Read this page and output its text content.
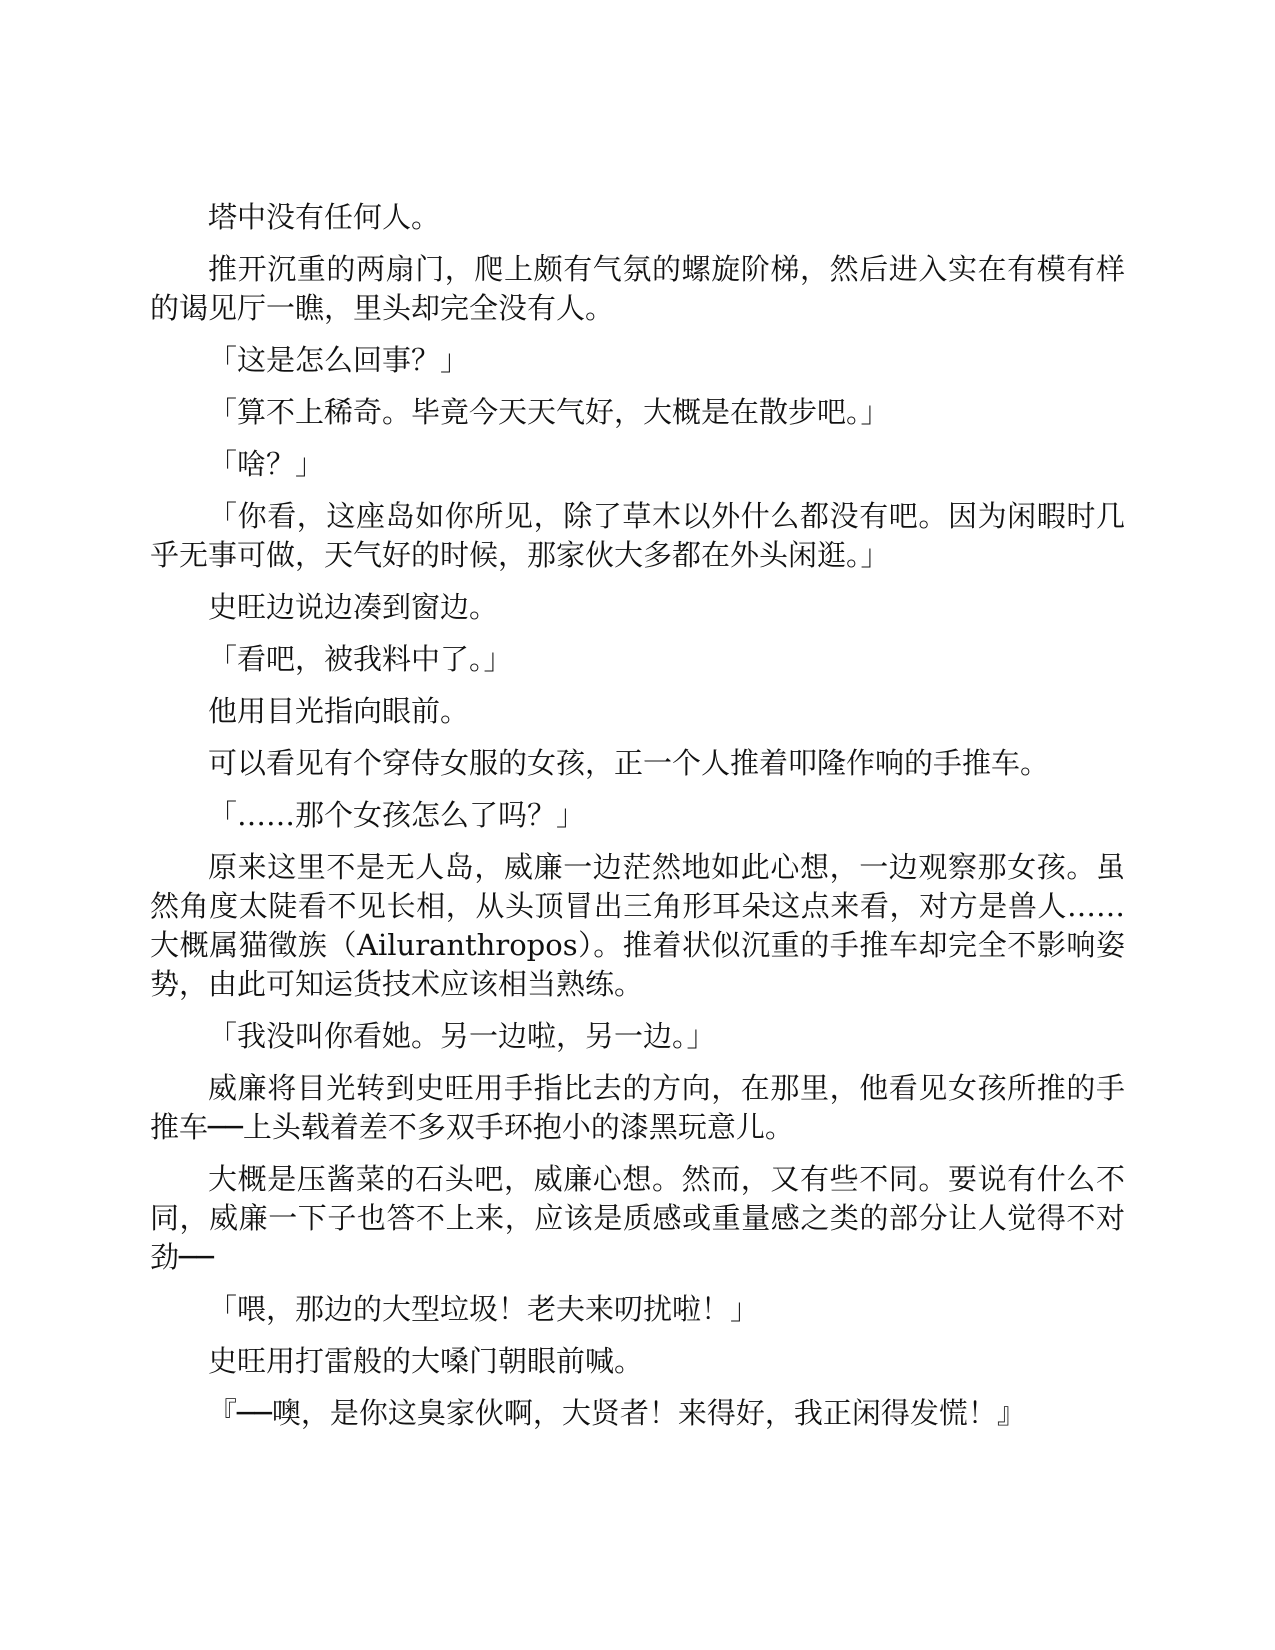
塔中没有任何人。

推开沉重的两扇门，爬上颇有气氛的螺旋阶梯，然后进入实在有模有样的谒见厅一瞧，里头却完全没有人。

「这是怎么回事？」

「算不上稀奇。毕竟今天天气好，大概是在散步吧。」

「啥？」

「你看，这座岛如你所见，除了草木以外什么都没有吧。因为闲暇时几乎无事可做，天气好的时候，那家伙大多都在外头闲逛。」

史旺边说边凑到窗边。

「看吧，被我料中了。」

他用目光指向眼前。

可以看见有个穿侍女服的女孩，正一个人推着叩隆作响的手推车。

「……那个女孩怎么了吗？」

原来这里不是无人岛，威廉一边茫然地如此心想，一边观察那女孩。虽然角度太陡看不见长相，从头顶冒出三角形耳朵这点来看，对方是兽人……大概属猫徵族（Ailuranthropos）。推着状似沉重的手推车却完全不影响姿势，由此可知运货技术应该相当熟练。

「我没叫你看她。另一边啦，另一边。」

威廉将目光转到史旺用手指比去的方向，在那里，他看见女孩所推的手推车──上头载着差不多双手环抱小的漆黑玩意儿。

大概是压酱菜的石头吧，威廉心想。然而，又有些不同。要说有什么不同，威廉一下子也答不上来，应该是质感或重量感之类的部分让人觉得不对劲──

「喂，那边的大型垃圾！老夫来叨扰啦！」

史旺用打雷般的大嗓门朝眼前喊。

『──噢，是你这臭家伙啊，大贤者！来得好，我正闲得发慌！』
